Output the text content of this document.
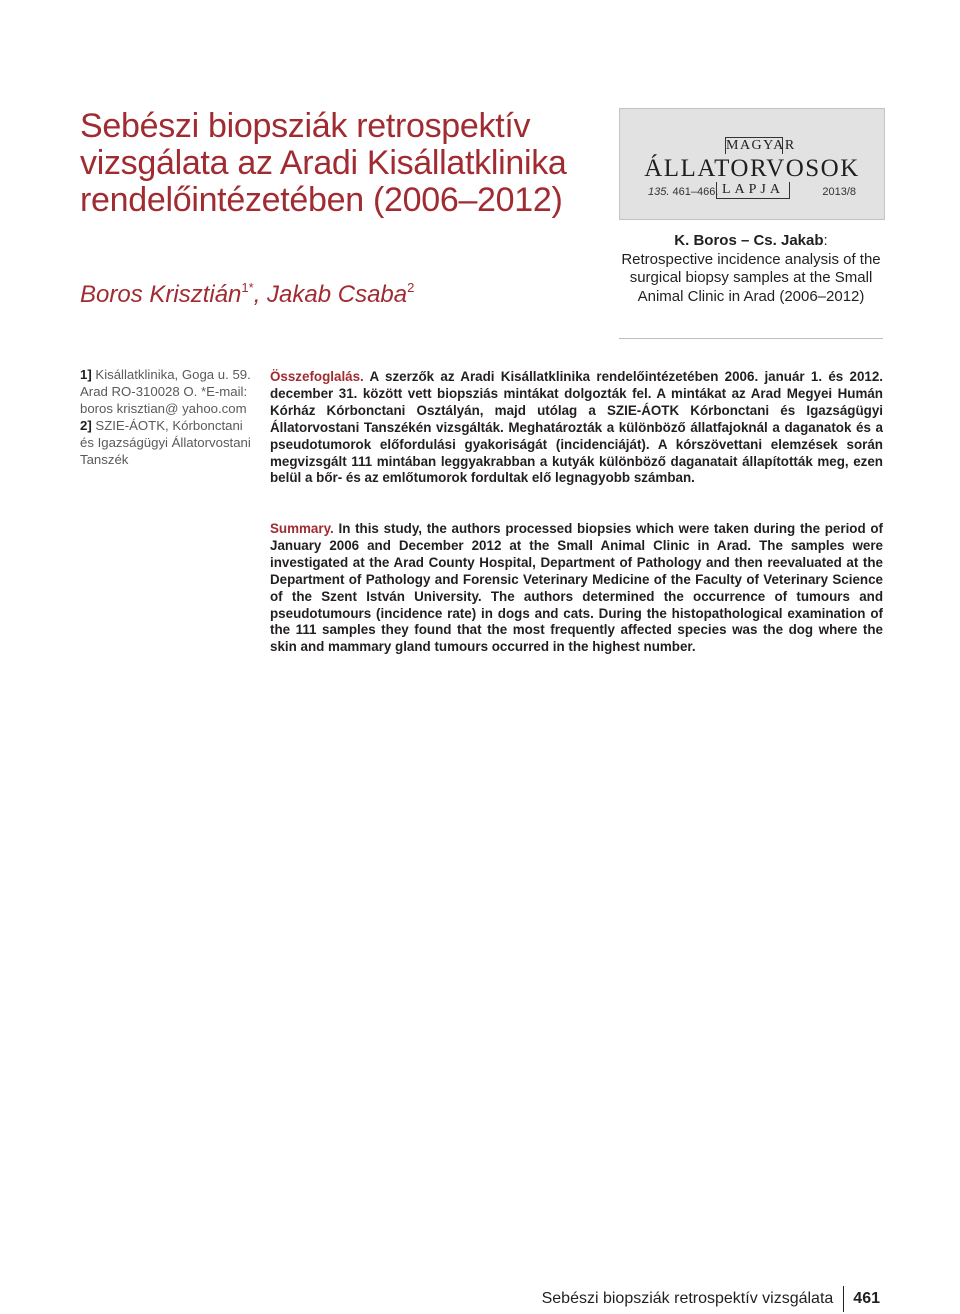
Sebészi biopsziák retrospektív vizsgálata az Aradi Kisállatklinika rendelőintézetében (2006–2012)

Boros Krisztián$^{1*}$, Jakab Csaba$^2$

MAGYAR
ÁLLATORVOSOK
LAPJA
135. 461–466.	2013/8
K. Boros – Cs. Jakab:
Retrospective incidence analysis of the surgical biopsy samples at the Small Animal Clinic in Arad (2006–2012)

1] Kisállatklinika, Goga u. 59. Arad RO-310028 O. *E-mail: boros krisztian@ yahoo.com

2] SZIE-ÁOTK, Kórbonctani és Igazságügyi Állatorvostani Tanszék

Összefoglalás. A szerzők az Aradi Kisállatklinika rendelőintézetében 2006. január 1. és 2012. december 31. között vett biopsziás mintákat dolgozták fel. A mintákat az Arad Megyei Humán Kórház Kórbonctani Osztályán, majd utólag a SZIE-ÁOTK Kórbonctani és Igazságügyi Állatorvostani Tanszékén vizsgálták. Meghatározták a különböző állatfajoknál a daganatok és a pseudotumorok előfordulási gyakoriságát (incidenciáját). A kórszövettani elemzések során megvizsgált 111 mintában leggyakrabban a kutyák különböző daganatait állapították meg, ezen belül a bőr- és az emlőtumorok fordultak elő legnagyobb számban.

Summary. In this study, the authors processed biopsies which were taken during the period of January 2006 and December 2012 at the Small Animal Clinic in Arad. The samples were investigated at the Arad County Hospital, Department of Pathology and then reevaluated at the Department of Pathology and Forensic Veterinary Medicine of the Faculty of Veterinary Science of the Szent István University. The authors determined the occurrence of tumours and pseudotumours (incidence rate) in dogs and cats. During the histopathological examination of the 111 samples they found that the most frequently affected species was the dog where the skin and mammary gland tumours occurred in the highest number.

Sebészi biopsziák retrospektív vizsgálata 461
